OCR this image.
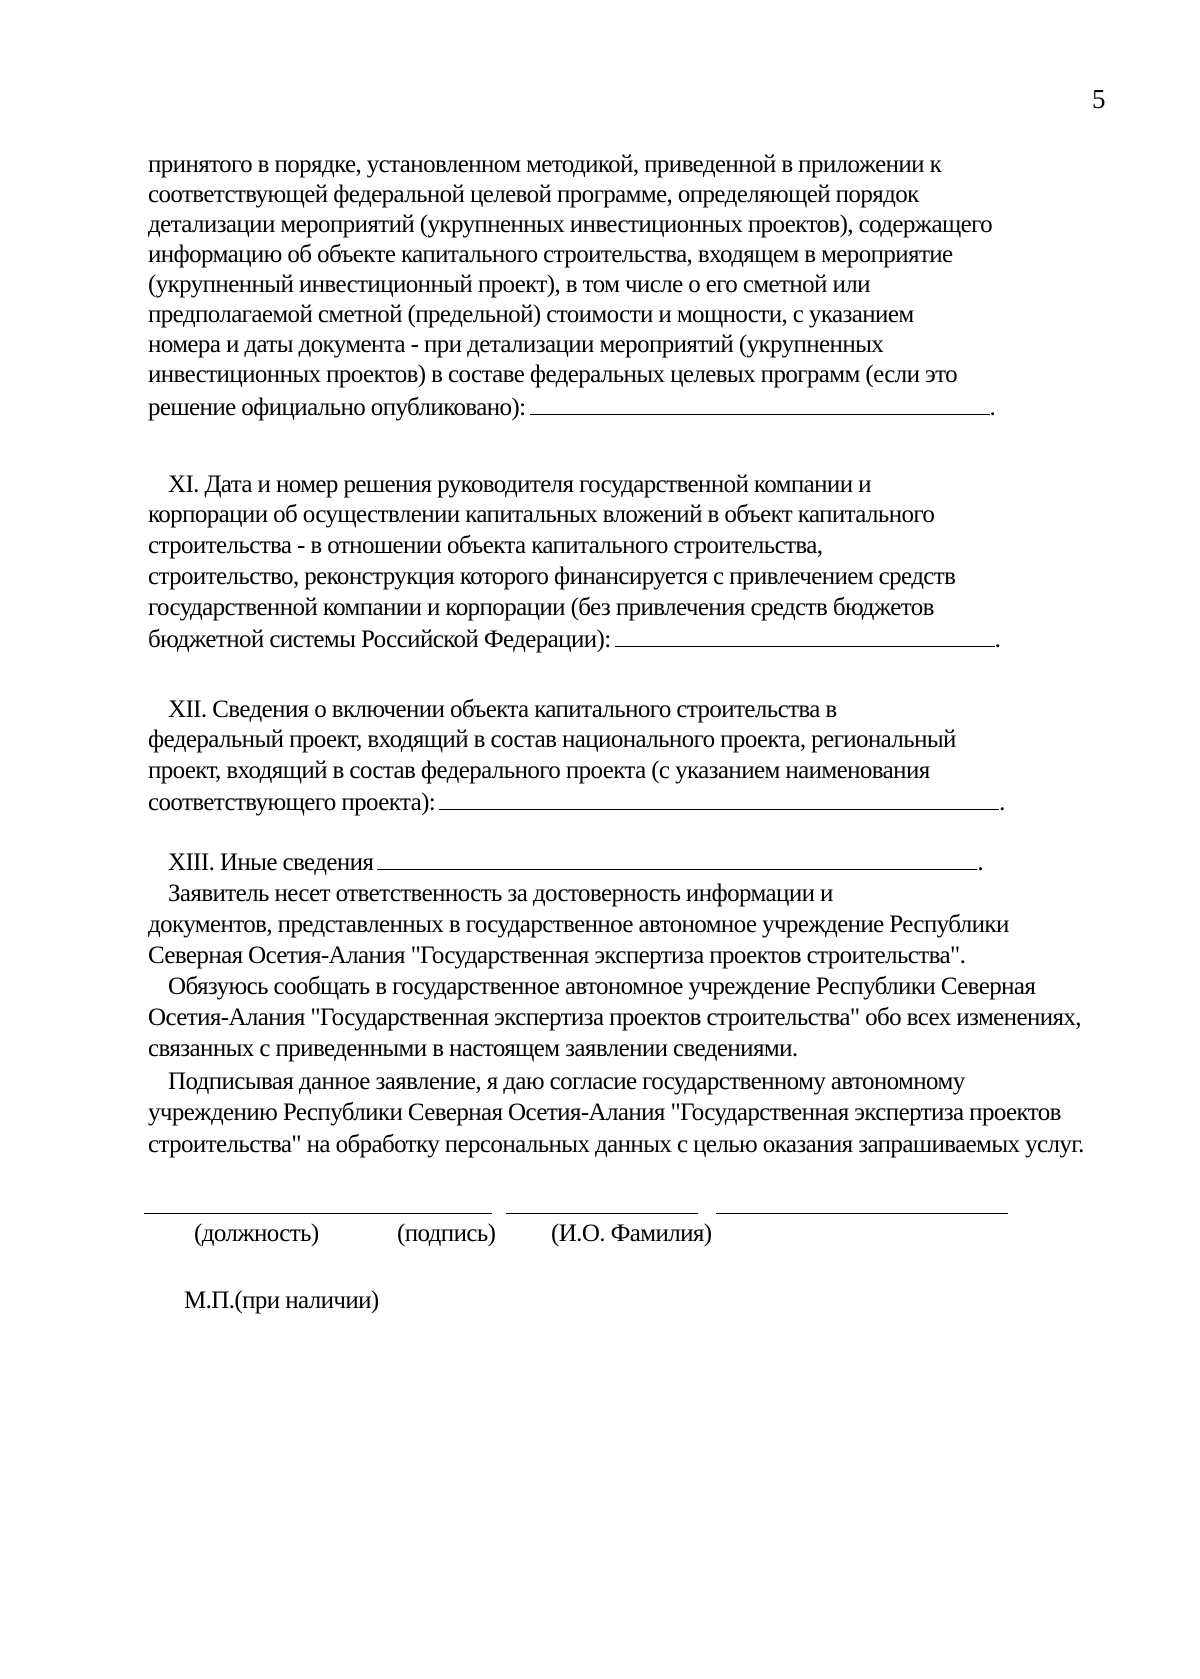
5
принятого в порядке, установленном методикой, приведенной в приложении к
соответствующей федеральной целевой программе, определяющей порядок
детализации мероприятий (укрупненных инвестиционных проектов), содержащего
информацию об объекте капитального строительства, входящем в мероприятие
(укрупненный инвестиционный проект), в том числе о его сметной или
предполагаемой сметной (предельной) стоимости и мощности, с указанием
номера и даты документа - при детализации мероприятий (укрупненных
инвестиционных проектов) в составе федеральных целевых программ (если это
решение официально опубликовано):	.
XI. Дата и номер решения руководителя государственной компании и
корпорации об осуществлении капитальных вложений в объект капитального
строительства - в отношении объекта капитального строительства,
строительство, реконструкция которого финансируется с привлечением средств
государственной компании и корпорации (без привлечения средств бюджетов
бюджетной системы Российской Федерации):	.
XII. Сведения о включении объекта капитального строительства в
федеральный проект, входящий в состав национального проекта, региональный
проект, входящий в состав федерального проекта (с указанием наименования
соответствующего проекта):	.
XIII. Иные сведения	.
Заявитель несет ответственность за достоверность информации и
документов, представленных в государственное автономное учреждение Республики
Северная Осетия-Алания "Государственная экспертиза проектов строительства".
Обязуюсь сообщать в государственное автономное учреждение Республики Северная
Осетия-Алания "Государственная экспертиза проектов строительства" обо всех изменениях,
связанных с приведенными в настоящем заявлении сведениями.
Подписывая данное заявление, я даю согласие государственному автономному
учреждению Республики Северная Осетия-Алания "Государственная экспертиза проектов
строительства" на обработку персональных данных с целью оказания запрашиваемых услуг.
(должность)	(подпись) (И.О. Фамилия)
М.П.(при наличии)
